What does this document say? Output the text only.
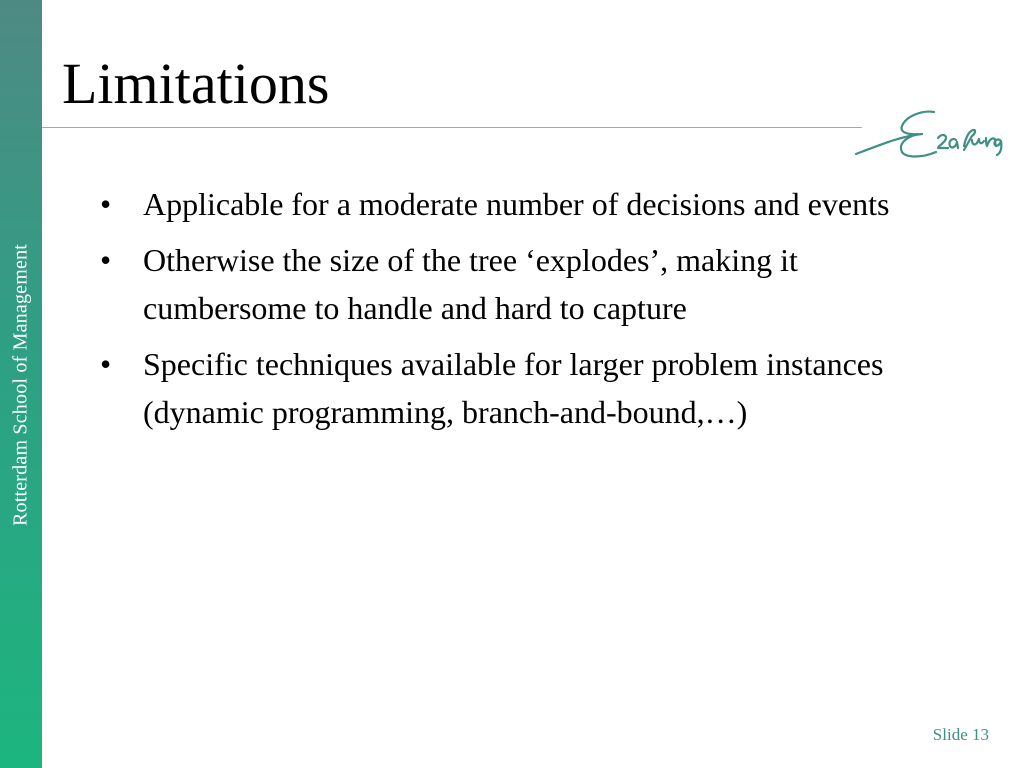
Rotterdam School of Management
Limitations
• Applicable for a moderate number of decisions and events
• Otherwise the size of the tree ‘explodes’, making it cumbersome to handle and hard to capture
• Specific techniques available for larger problem instances (dynamic programming, branch-and-bound,…)
Slide 13
